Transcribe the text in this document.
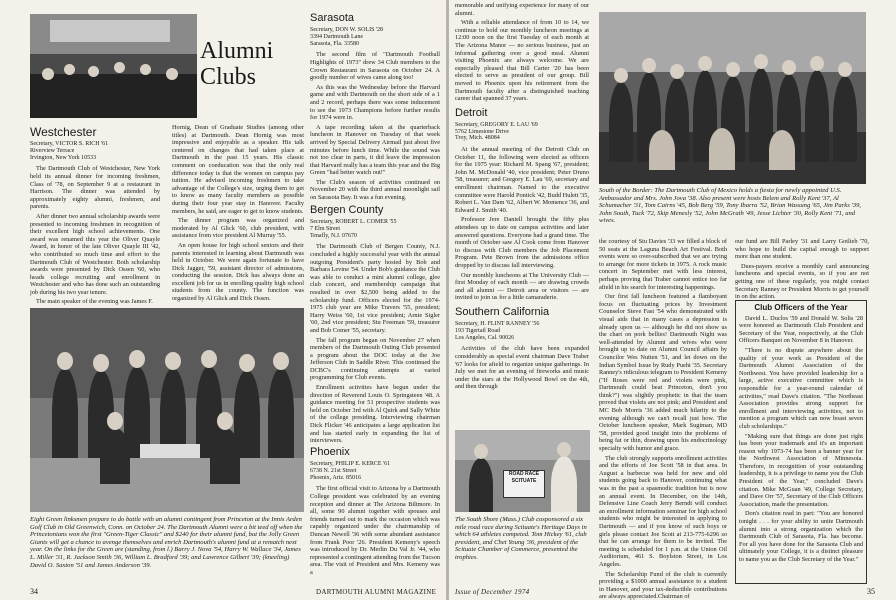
Alumni Clubs
Westchester
Secretary, VICTOR S. RICH '61
Riverview Terrace
Irvington, New York 10533

The Dartmouth Club of Westchester, New York held its annual dinner for incoming freshmen, Class of '78, on September 9 at a restaurant in Harrison. The dinner was attended by approximately eighty alumni, freshmen, and parents.

After dinner two annual scholarship awards were presented to incoming freshmen in recognition of their excellent high school achievements. One award was renamed this year the Oliver Quayle Award, in honor of the late Oliver Quayle III '42, who contributed so much time and effort to the Dartmouth Club of Westchester. Both scholarship awards were presented by Dick Ossen '60, who heads college recruiting and enrollment in Westchester and who has done such an outstanding job during his two year tenure.

The main speaker of the evening was James F.

Hornig, Dean of Graduate Studies (among other titles) at Dartmouth. Dean Hornig was most impressive and enjoyable as a speaker. His talk centered on changes that had taken place at Dartmouth in the past 15 years. His classic comment on coeducation was that the only real difference today is that the women on campus pay tuition. He advised incoming freshmen to take advantage of the College's size, urging them to get to know as many faculty members as possible during their four year stay in Hanover. Faculty members, he said, are eager to get to know students.

The dinner program was organized and moderated by Al Glick '60, club president, with assistance from vice president Al Murray '55.

An open house for high school seniors and their parents interested in learning about Dartmouth was held in October. We were again fortunate to have Dick Jagger, '59, assistant director of admissions, conducting the session. Dick has always done an excellent job for us in enrolling quality high school students from the county. The function was organized by Al Glick and Dick Ossen.

Eight Green linksmen prepare to do battle with an alumni contingent from Princeton at the Innis Arden Golf Club in Old Greenwich, Conn. on October 24. The Dartmouth Alumni were a bit teed off when the Princetonians won the first "Green-Tiger Classic" and $240 for their alumni fund, but the Jolly Green Giants will get a chance to avenge themselves and enrich Dartmouth's alumni fund at a rematch next year. On the links for the Green are (standing, from l.) Barry J. Nova '54, Harry W. Wallace '34, James L. Miller '31, R. Jackson Smith '36, William L. Bradford '39; and Lawrence Gilbert '39; (kneeling) David O. Saxton '51 and James Anderson '39.
Sarasota
Secretary, DON W. SOLIS '28
3394 Dartmouth Lane
Sarasota, Fla. 33580

The second film of "Dartmouth Football Highlights of 1973" drew 34 Club members to the Crown Restaurant in Sarasota on October 24. A goodly number of wives came along too!

As this was the Wednesday before the Harvard game and with Dartmouth on the short side of a 1 and 2 record, perhaps there was some inducement to see the 1973 Champions before further results for 1974 were in.

A tape recording taken at the quarterback luncheon in Hanover on Tuesday of that week arrived by Special Delivery Airmail just about five minutes before lunch time. While the sound was not too clear in parts, it did leave the impression that Harvard really has a team this year and the Big Green "had better watch out!"

The Club's season of activities continued on November 20 with the third annual moonlight sail on Sarasota Bay. It was a fun evening.

Bergen County
Secretary, ROBERT L. COMER '55
7 Elm Street
Tenafly, N.J. 07670

The Dartmouth Club of Bergen County, N.J. concluded a highly successful year with the annual outgoing President's party hosted by Bob and Barbara Levine '54. Under Bob's guidance the Club was able to conduct a mini alumni college, glee club concert, and membership campaign that resulted in over $2,500 being added to the scholarship fund. Officers elected for the 1974-1975 club year are Mike Travers '55, president; Harry Weiss '60, 1st vice president; Arnie Sigler '60, 2nd vice president; Stu Freeman '59, treasurer and Bob Comer '55, secretary.

The fall program began on November 27 when members of the Dartmouth Outing Club presented a program about the DOC today at the Joe Jefferson Club in Saddle River. This continued the DCBC's continuing attempts at varied programming for Club events.

Enrollment activities have begun under the direction of Reverend Louis O. Springsteen '48. A guidance meeting for 51 prospective students was held on October 3rd with Al Quirk and Sally White of the college presiding. Interviewing chairman Dick Flicker '46 anticipates a large application list and has started early in expanding the list of interviewers.

Phoenix
Secretary, PHILIP E. KERCE '61
6738 N. 21st Street
Phoenix, Ariz. 85016

The first official visit to Arizona by a Dartmouth College president was celebrated by an evening reception and dinner at The Arizona Biltmore. In all, some 90 alumni together with spouses and friends turned out to mark the occasion which was capably organized under the chairmanship of Duncan Newell '36 with some abundant assistance from Frank Poor '26. President Kemeny's speech was introduced by Dr. Merlin Du Val Jr. '44, who represented a contingent attending from the Tucson area. The visit of President and Mrs. Kemeny was a

34	DARTMOUTH ALUMNI MAGAZINE

memorable and unifying experience for many of our alumni.

With a reliable attendance of from 10 to 14, we continue to hold our monthly luncheon meetings at 12:00 noon on the first Tuesday of each month at The Arizona Manor — no serious business, just an informal gathering over a good meal. Alumni visiting Phoenix are always welcome. We are especially pleased that Bill Carter '20 has been elected to serve as president of our group. Bill moved to Phoenix upon his retirement from the Dartmouth faculty after a distinguished teaching career that spanned 37 years.

Detroit
Secretary, GREGORY E. LAU '69
5762 Limestone Drive
Troy, Mich. 48084

At the annual meeting of the Detroit Club on October 11, the following were elected as officers for the 1975 year: Richard M. Spang '67, president; John M. McDonald '40, vice president; Peter Druno '58, treasurer; and Gregory E. Lau '69, secretary and enrollment chairman. Named to the executive committee were Harold Pontick '42, Budd Hulett '35, Robert L. Van Dam '62, Albert W. Momence '36, and Edward J. Smith '40.

Professor Jere Daniell brought the fifty plus attendees up to date on campus activities and later answered questions. Everyone had a grand time. The month of October saw Al Cook come from Hanover to discuss with Club members the Job Placement Program. Pete Brown from the admissions office dropped by to discuss fall interviewing.

Our monthly luncheons at The University Club — first Monday of each month — are drawing crowds and all alumni — Detroit area or visitors — are invited to join us for a little camaraderie.

Southern California
Secretary, H. FLINT RANNEY '56
193 Tigertail Road
Los Angeles, Cal. 90026

Activities of the club have been expanded considerably as special event chairman Dave Traber '67 looks for afield to organize unique gatherings. In July we met for an evening of fireworks and music under the stars at the Hollywood Bowl on the 4th, and then through

ROAD RACE
SCITUATE
The South Shore (Mass.) Club cosponsored a six mile road race during Scituate's Heritage Days in which 64 athletes competed. Tom Hickey '61, club president, and Chet Young '36, president of the Scituate Chamber of Commerce, presented the trophies.
Issue of December 1974
South of the Border: The Dartmouth Club of Mexico holds a fiesta for newly appointed U.S. Ambassador and Mrs. John Jova '38. Also present were hosts Belem and Rolly Kent '37, Al Schumacher '31, Tom Cairns '45, Bob Berg '59, Tony Ibarra '52, Brian Wassung '65, Jim Parks '39, John South, Tuck '72, Skip Menesly '52, John McGrath '49, Jesse Lichter '30, Rolly Kent '71, and wives.

the courtesy of Stu Davies '33 we filled a block of 50 seats at the Laguna Beach Art Festival. Both events were so over-subscribed that we are trying to arrange for more tickets in 1975. A rock music concert in September met with less interest, perhaps proving that Traber cannot entice too far afield in his search for interesting happenings.

Our first fall luncheon featured a flamboyant focus on fluctuating prices by Investment Counselor Steve Fast '54 who demonstrated with visual aids that in many cases a depression is already upon us — although he did not show us the chart on pork bellies! Dartmouth Night was well-attended by Alumni and wives who were brought up to date on Alumni Council affairs by Councilor Wes Nutten '51, and let down on the Indian Symbol Issue by Rudy Pueht '35. Secretary Ranney's ridiculous telegram to President Kemeny ("If Roses were red and violets were pink, Dartmouth could beat Princeton, don't you think?") was slightly prophetic in that the team proved that violets are not pink; and President and MC Bob Morris '36 added much hilarity to the evening although we can't recall just how. The October luncheon speaker, Mark Sugiman, MD '58, provided good insight into the problems of being fat or thin, drawing upon his endocrinology specialty with humor and grace.

The club strongly supports enrollment activities and the efforts of Joe Scott '58 in that area. In August a barbecue was held for new and old students going back to Hanover, continuing what was in the past a spasmodic tradition but is now an annual event. In December, on the 14th, Defensive Line Coach Jerry Berndt will conduct an enrollment information seminar for high school students who might be interested in applying to Dartmouth — and if you know of such boys or girls please contact Joe Scott at 213-775-6296 so that he can arrange for them to be invited. The meeting is scheduled for 1 p.m. at the Union Oil Auditorium, 461 S. Boylston Street, in Los Angeles.

The Scholarship Fund of the club is currently providing a $1000 annual assistance to a student in Hanover, and your tax-deductible contributions are always appreciated.Chairman of

our fund are Bill Parley '31 and Larry Gotlieb '70, who hope to build the capital enough to support more than one student.

Dues-payers receive a monthly card announcing luncheons and special events, so if you are not getting one of these regularly, you might contact Secretary Ranney or President Morris to get yourself in on the action.

Club Officers of the Year

David L. Duclos '59 and Donald W. Solis '28 were honored as Dartmouth Club President and Secretary of the Year, respectively, at the Club Officers Banquet on November 8 in Hanover.

"There is no dispute anywhere about the quality of your work as President of the Dartmouth Alumni Association of the Northwest. You have provided leadership for a large, active executive committee which is responsible for a year-round calendar of activities," read Dave's citation. "The Northeast Association provides strong support for enrollment and interviewing activities, not to mention a program which can now boast seven club scholarships."

"Making sure that things are done just right has been your trademark and it's an important reason why 1973-74 has been a banner year for the Northwest Association of Minnesota. Therefore, in recognition of your outstanding leadership, it is a privilege to name you the Club President of the Year," concluded Dave's citation. Mike McGuan '49, College Secretary, and Dave Orr '57, Secretary of the Club Officers Association, made the presentation.

Don's citation read in part: "You are honored tonight . . . for your ability to unite Dartmouth alumni into a strong organization which the Dartmouth Club of Sarasota, Fla. has become. For all you have done for the Sarasota Club and ultimately your College, it is a distinct pleasure to name you as the Club Secretary of the Year."

35
